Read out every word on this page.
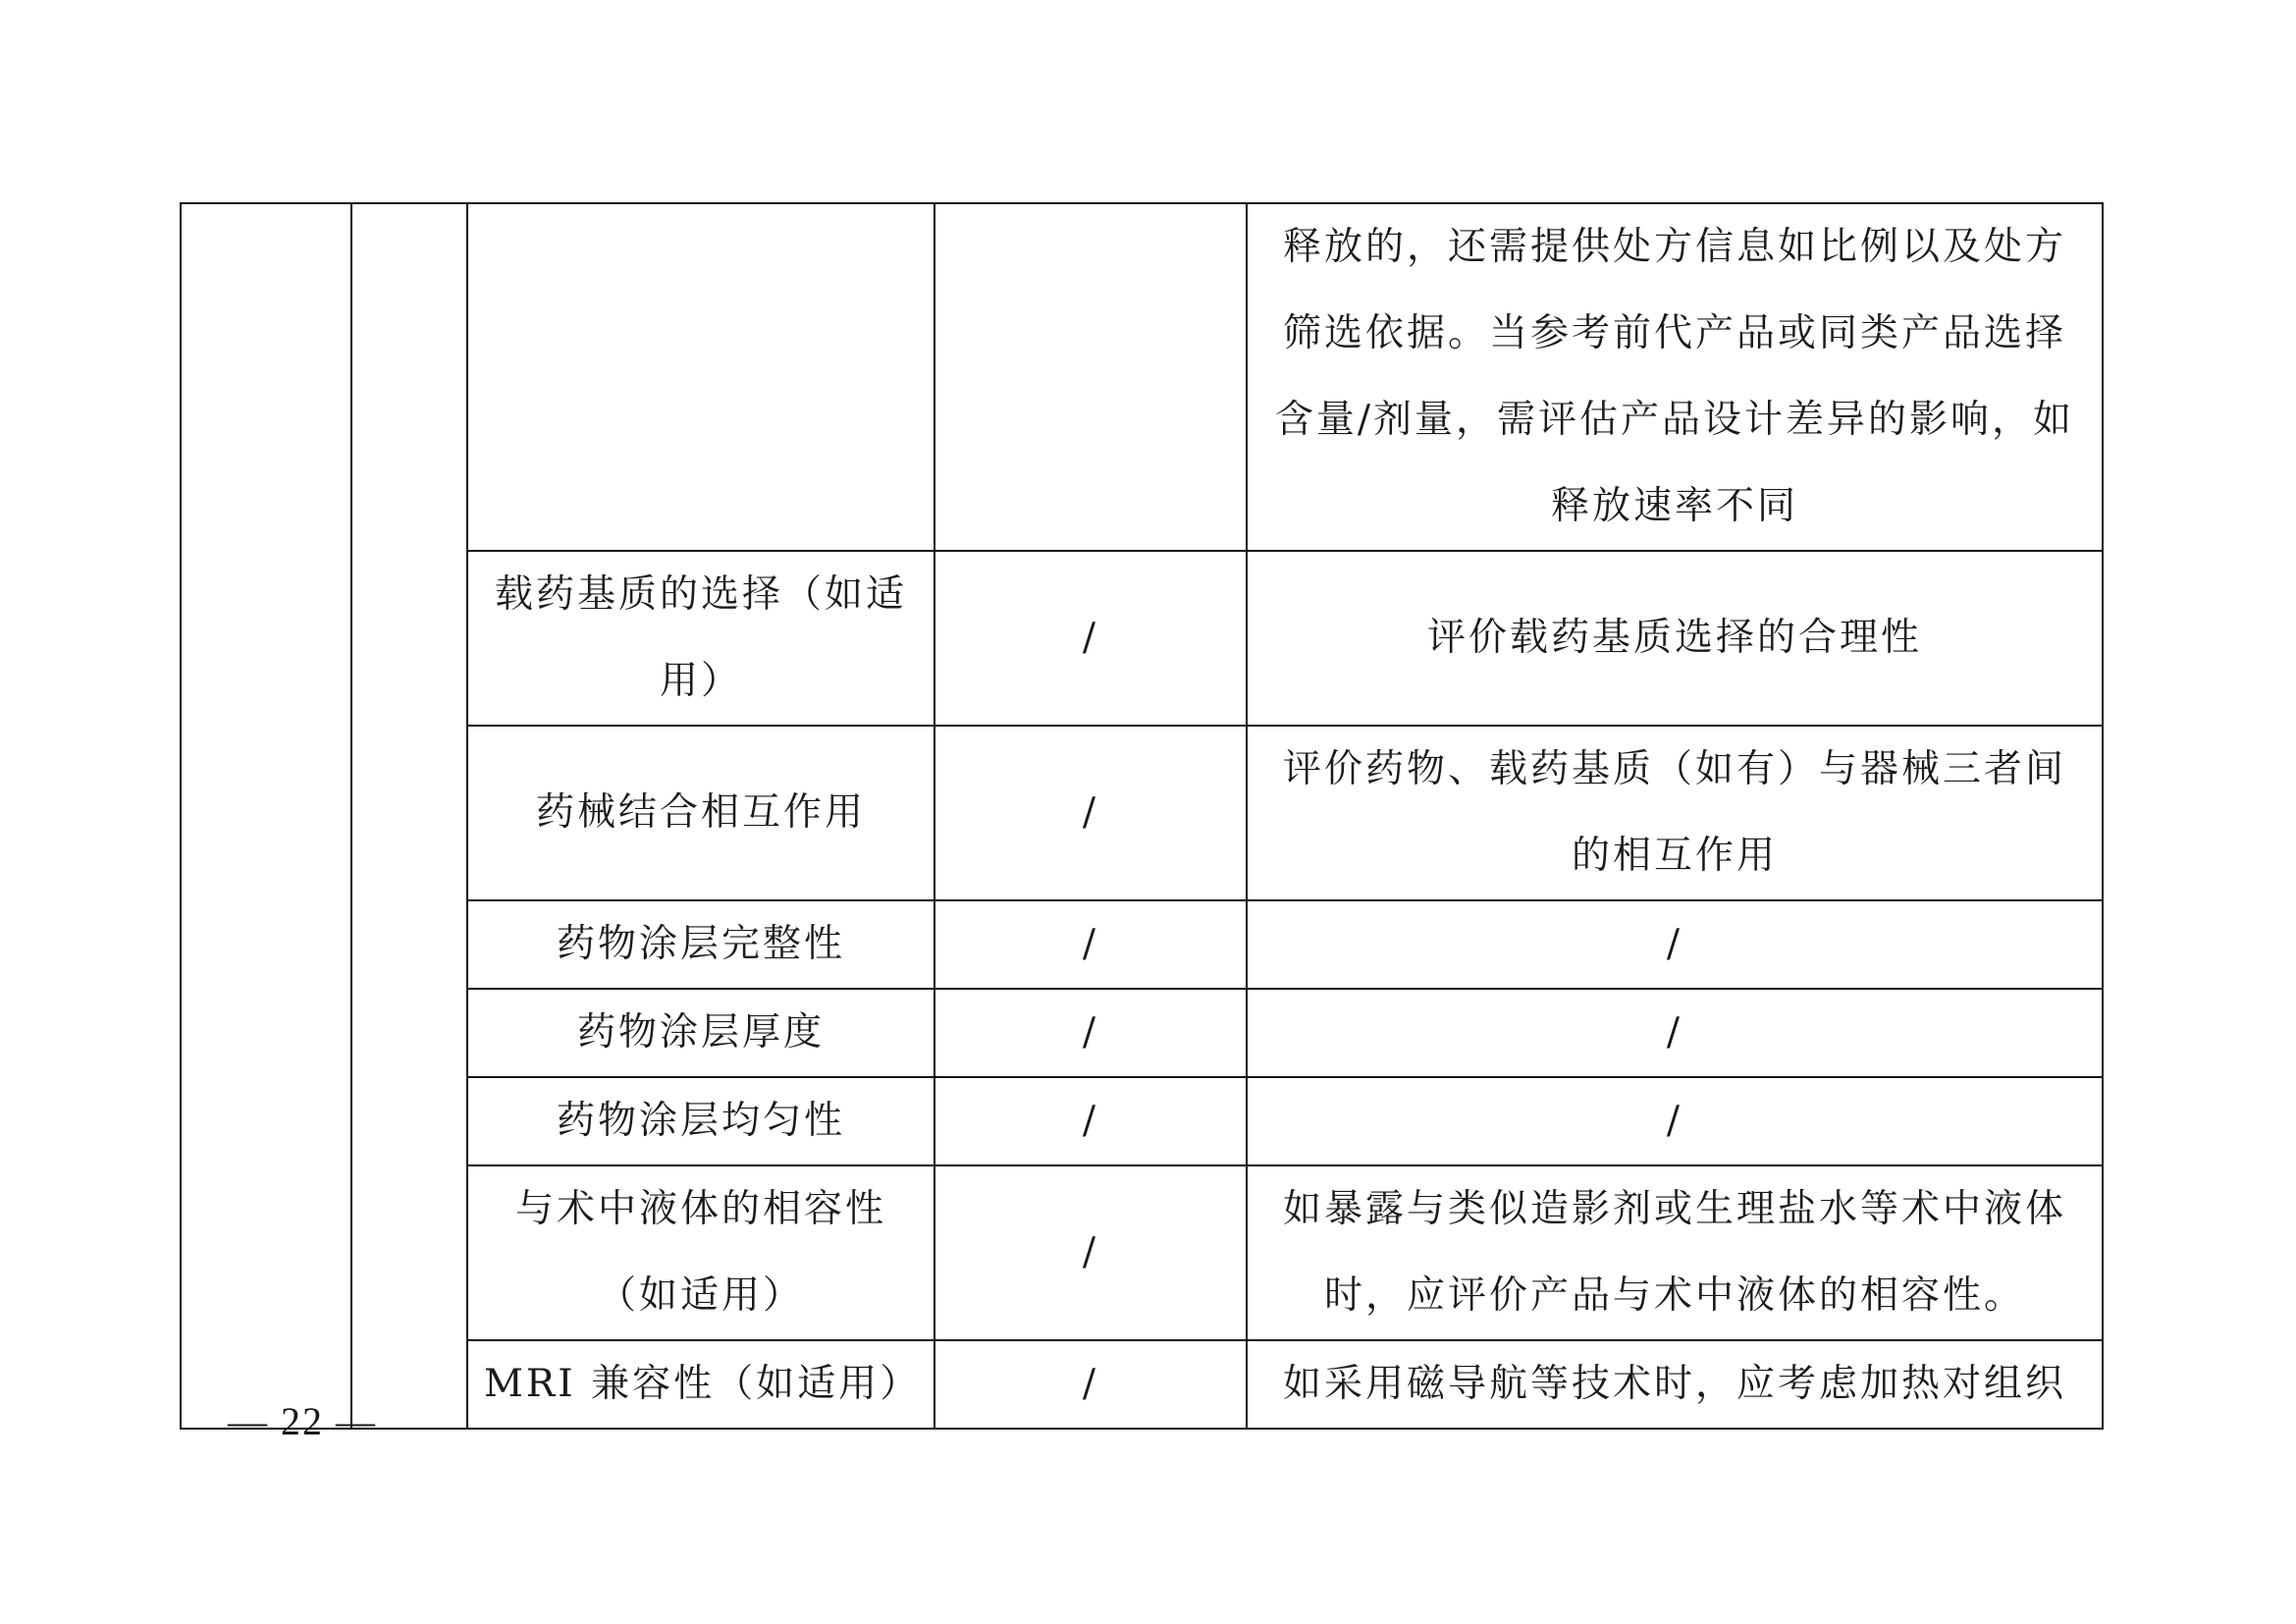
				释放的，还需提供处方信息如比例以及处方筛选依据。当参考前代产品或同类产品选择含量/剂量，需评估产品设计差异的影响，如释放速率不同
		载药基质的选择（如适用）	/	评价载药基质选择的合理性
		药械结合相互作用	/	评价药物、载药基质（如有）与器械三者间的相互作用
		药物涂层完整性	/	/
		药物涂层厚度	/	/
		药物涂层均匀性	/	/
		与术中液体的相容性（如适用）	/	如暴露与类似造影剂或生理盐水等术中液体时，应评价产品与术中液体的相容性。
		MRI 兼容性（如适用）	/	如采用磁导航等技术时，应考虑加热对组织
— 22 —
